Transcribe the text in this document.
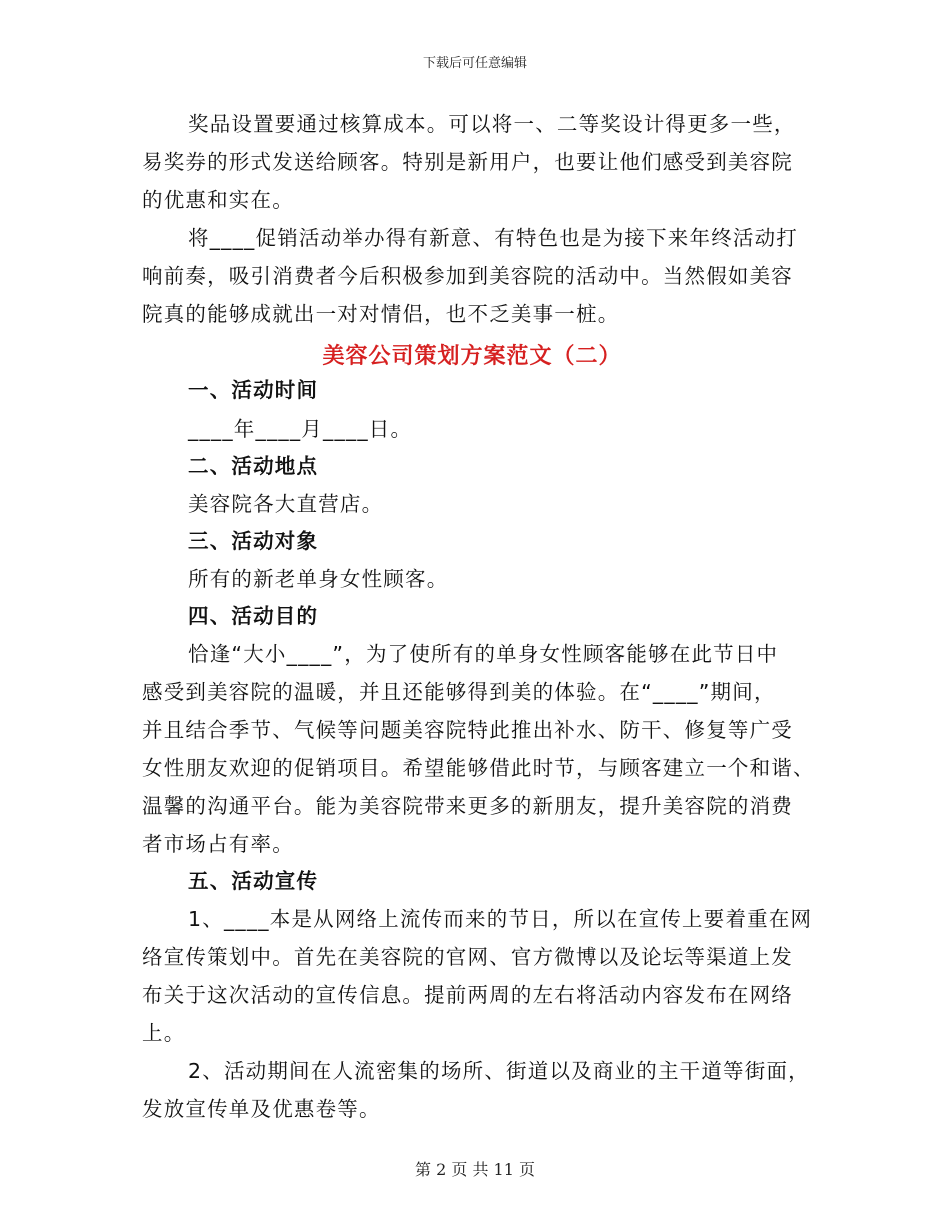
下载后可任意编辑
奖品设置要通过核算成本。可以将一、二等奖设计得更多一些，
易奖券的形式发送给顾客。特别是新用户，也要让他们感受到美容院
的优惠和实在。
将____促销活动举办得有新意、有特色也是为接下来年终活动打
响前奏，吸引消费者今后积极参加到美容院的活动中。当然假如美容
院真的能够成就出一对对情侣，也不乏美事一桩。
美容公司策划方案范文（二）
一、活动时间
____年____月____日。
二、活动地点
美容院各大直营店。
三、活动对象
所有的新老单身女性顾客。
四、活动目的
恰逢“大小____”，为了使所有的单身女性顾客能够在此节日中
感受到美容院的温暖，并且还能够得到美的体验。在“____”期间，
并且结合季节、气候等问题美容院特此推出补水、防干、修复等广受
女性朋友欢迎的促销项目。希望能够借此时节，与顾客建立一个和谐、
温馨的沟通平台。能为美容院带来更多的新朋友，提升美容院的消费
者市场占有率。
五、活动宣传
1、____本是从网络上流传而来的节日，所以在宣传上要着重在网
络宣传策划中。首先在美容院的官网、官方微博以及论坛等渠道上发
布关于这次活动的宣传信息。提前两周的左右将活动内容发布在网络
上。
2、活动期间在人流密集的场所、街道以及商业的主干道等街面，
发放宣传单及优惠卷等。
第 2 页 共 11 页
